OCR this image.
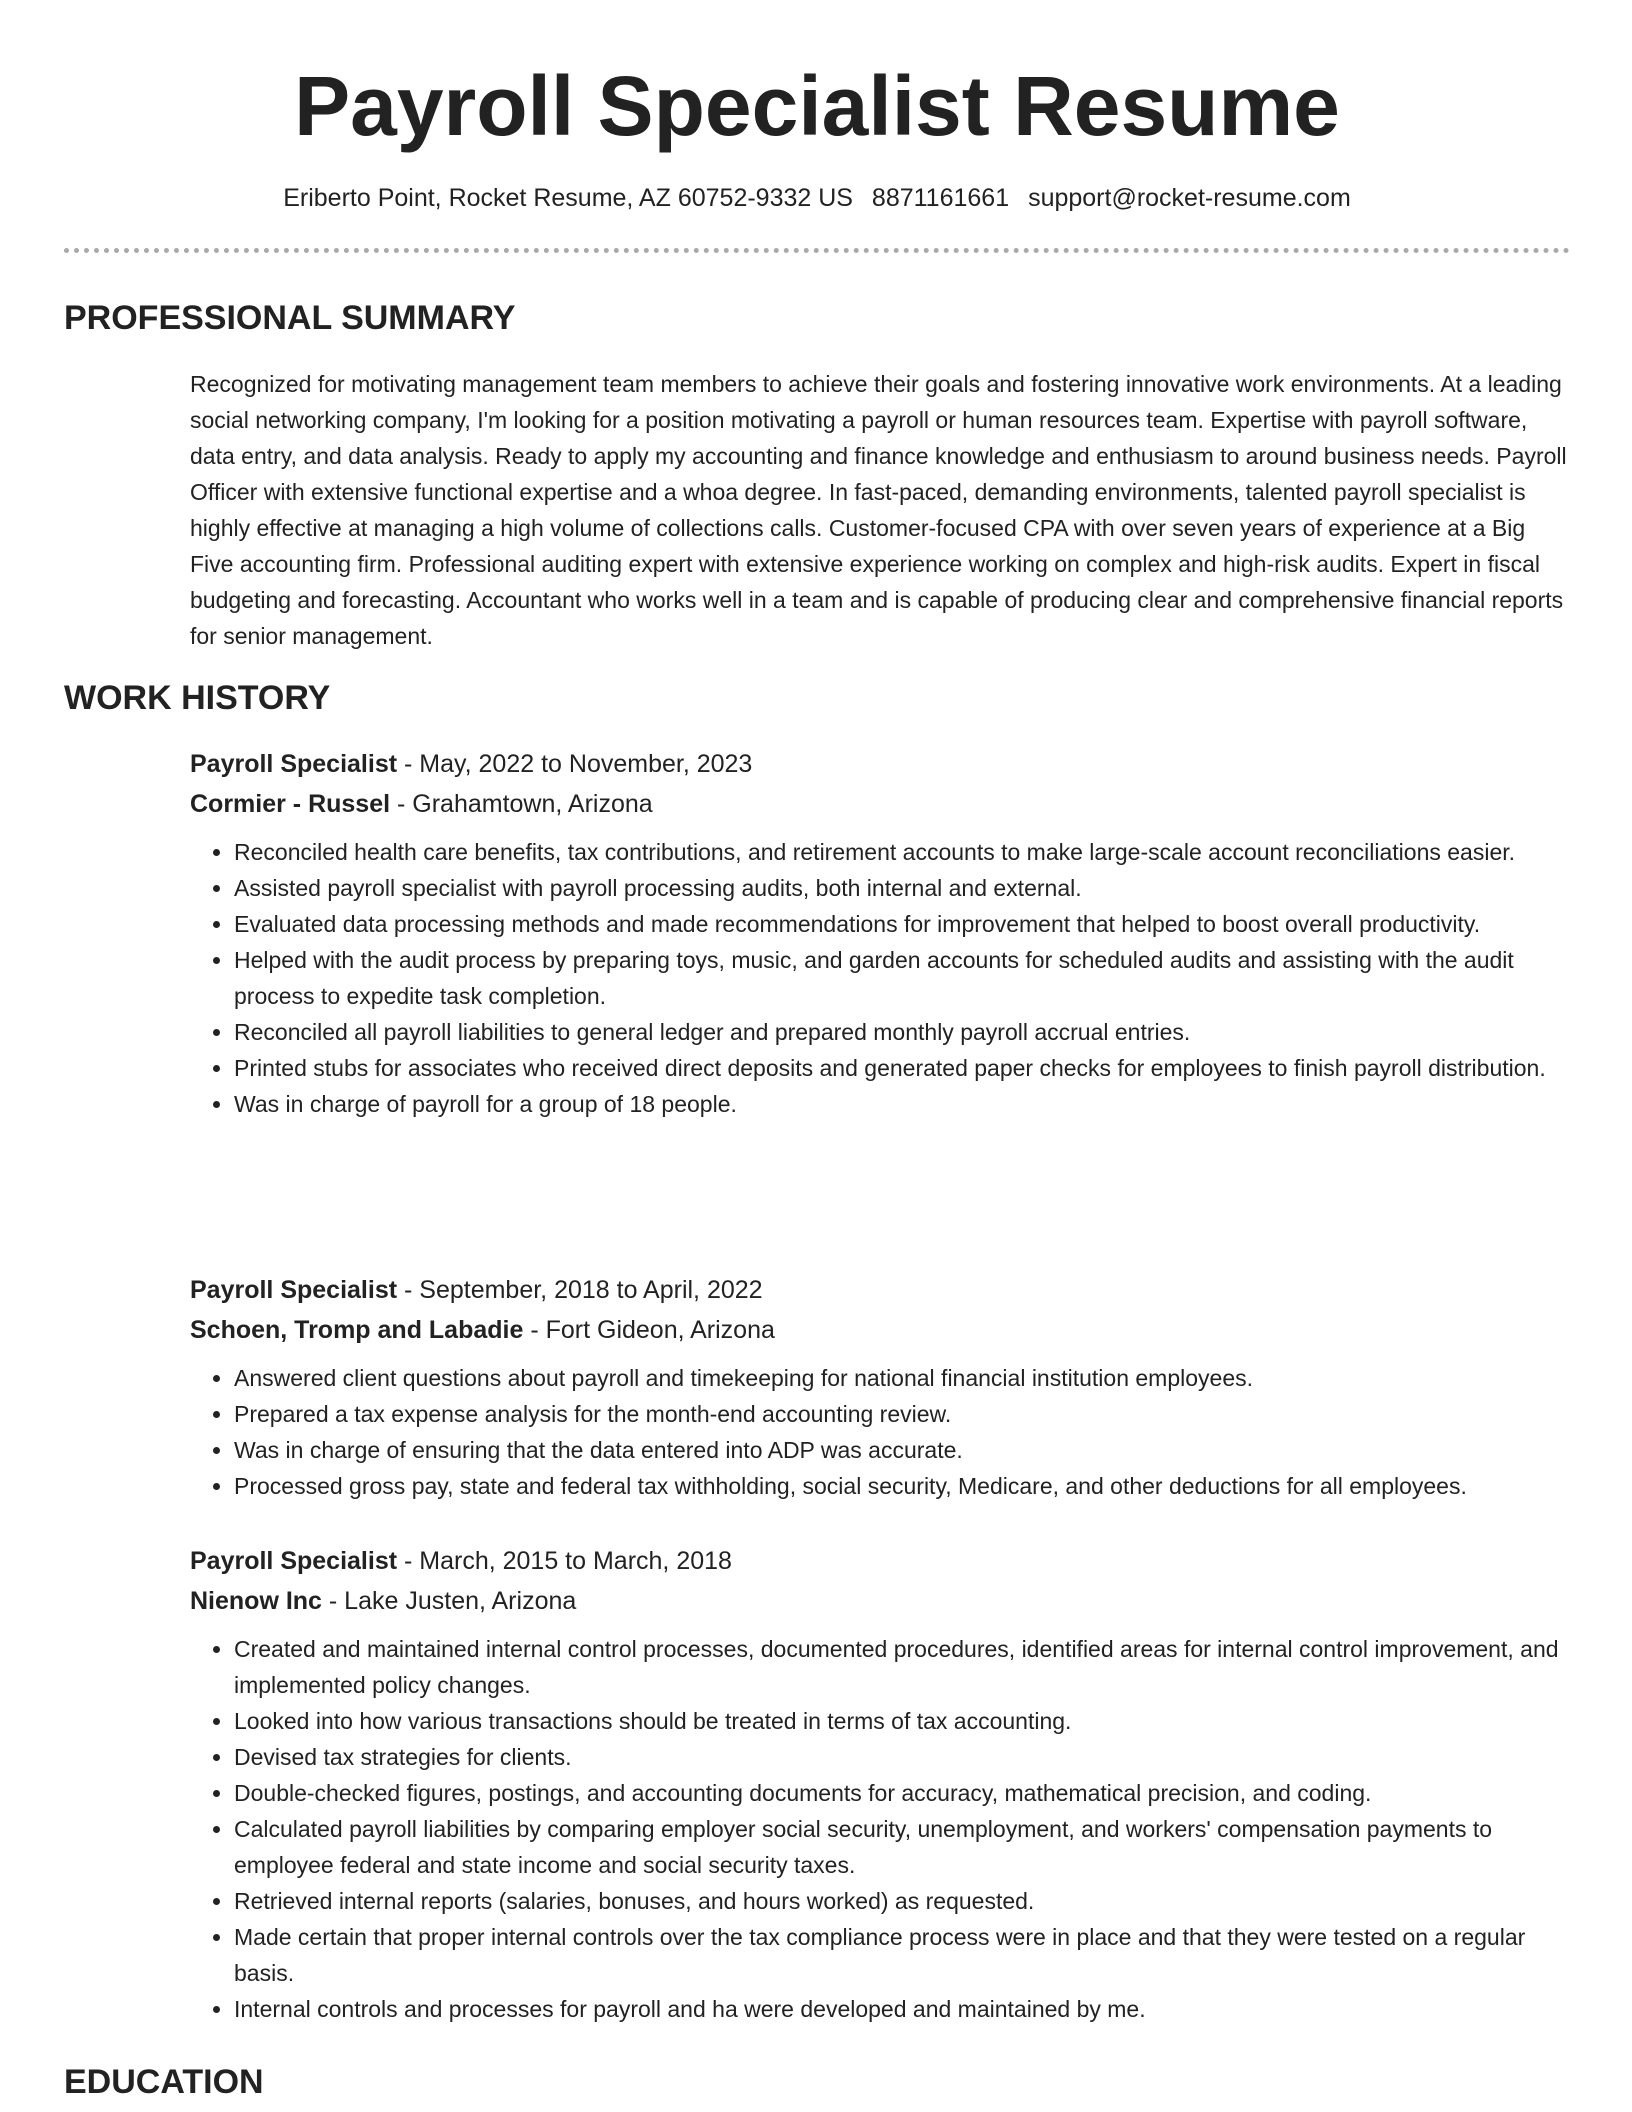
Payroll Specialist Resume
Eriberto Point, Rocket Resume, AZ 60752-9332 US 8871161661 support@rocket-resume.com
PROFESSIONAL SUMMARY

Recognized for motivating management team members to achieve their goals and fostering innovative work environments. At a leading social networking company, I'm looking for a position motivating a payroll or human resources team. Expertise with payroll software, data entry, and data analysis. Ready to apply my accounting and finance knowledge and enthusiasm to around business needs. Payroll Officer with extensive functional expertise and a whoa degree. In fast-paced, demanding environments, talented payroll specialist is highly effective at managing a high volume of collections calls. Customer-focused CPA with over seven years of experience at a Big Five accounting firm. Professional auditing expert with extensive experience working on complex and high-risk audits. Expert in fiscal budgeting and forecasting. Accountant who works well in a team and is capable of producing clear and comprehensive financial reports for senior management.

WORK HISTORY

Payroll Specialist - May, 2022 to November, 2023

Cormier - Russel - Grahamtown, Arizona

• Reconciled health care benefits, tax contributions, and retirement accounts to make large-scale account reconciliations easier.
• Assisted payroll specialist with payroll processing audits, both internal and external.
• Evaluated data processing methods and made recommendations for improvement that helped to boost overall productivity.
• Helped with the audit process by preparing toys, music, and garden accounts for scheduled audits and assisting with the audit process to expedite task completion.
• Reconciled all payroll liabilities to general ledger and prepared monthly payroll accrual entries.
• Printed stubs for associates who received direct deposits and generated paper checks for employees to finish payroll distribution.
• Was in charge of payroll for a group of 18 people.

Payroll Specialist - September, 2018 to April, 2022

Schoen, Tromp and Labadie - Fort Gideon, Arizona

• Answered client questions about payroll and timekeeping for national financial institution employees.
• Prepared a tax expense analysis for the month-end accounting review.
• Was in charge of ensuring that the data entered into ADP was accurate.
• Processed gross pay, state and federal tax withholding, social security, Medicare, and other deductions for all employees.

Payroll Specialist - March, 2015 to March, 2018

Nienow Inc - Lake Justen, Arizona

• Created and maintained internal control processes, documented procedures, identified areas for internal control improvement, and implemented policy changes.
• Looked into how various transactions should be treated in terms of tax accounting.
• Devised tax strategies for clients.
• Double-checked figures, postings, and accounting documents for accuracy, mathematical precision, and coding.
• Calculated payroll liabilities by comparing employer social security, unemployment, and workers' compensation payments to employee federal and state income and social security taxes.
• Retrieved internal reports (salaries, bonuses, and hours worked) as requested.
• Made certain that proper internal controls over the tax compliance process were in place and that they were tested on a regular basis.
• Internal controls and processes for payroll and ha were developed and maintained by me.
EDUCATION
